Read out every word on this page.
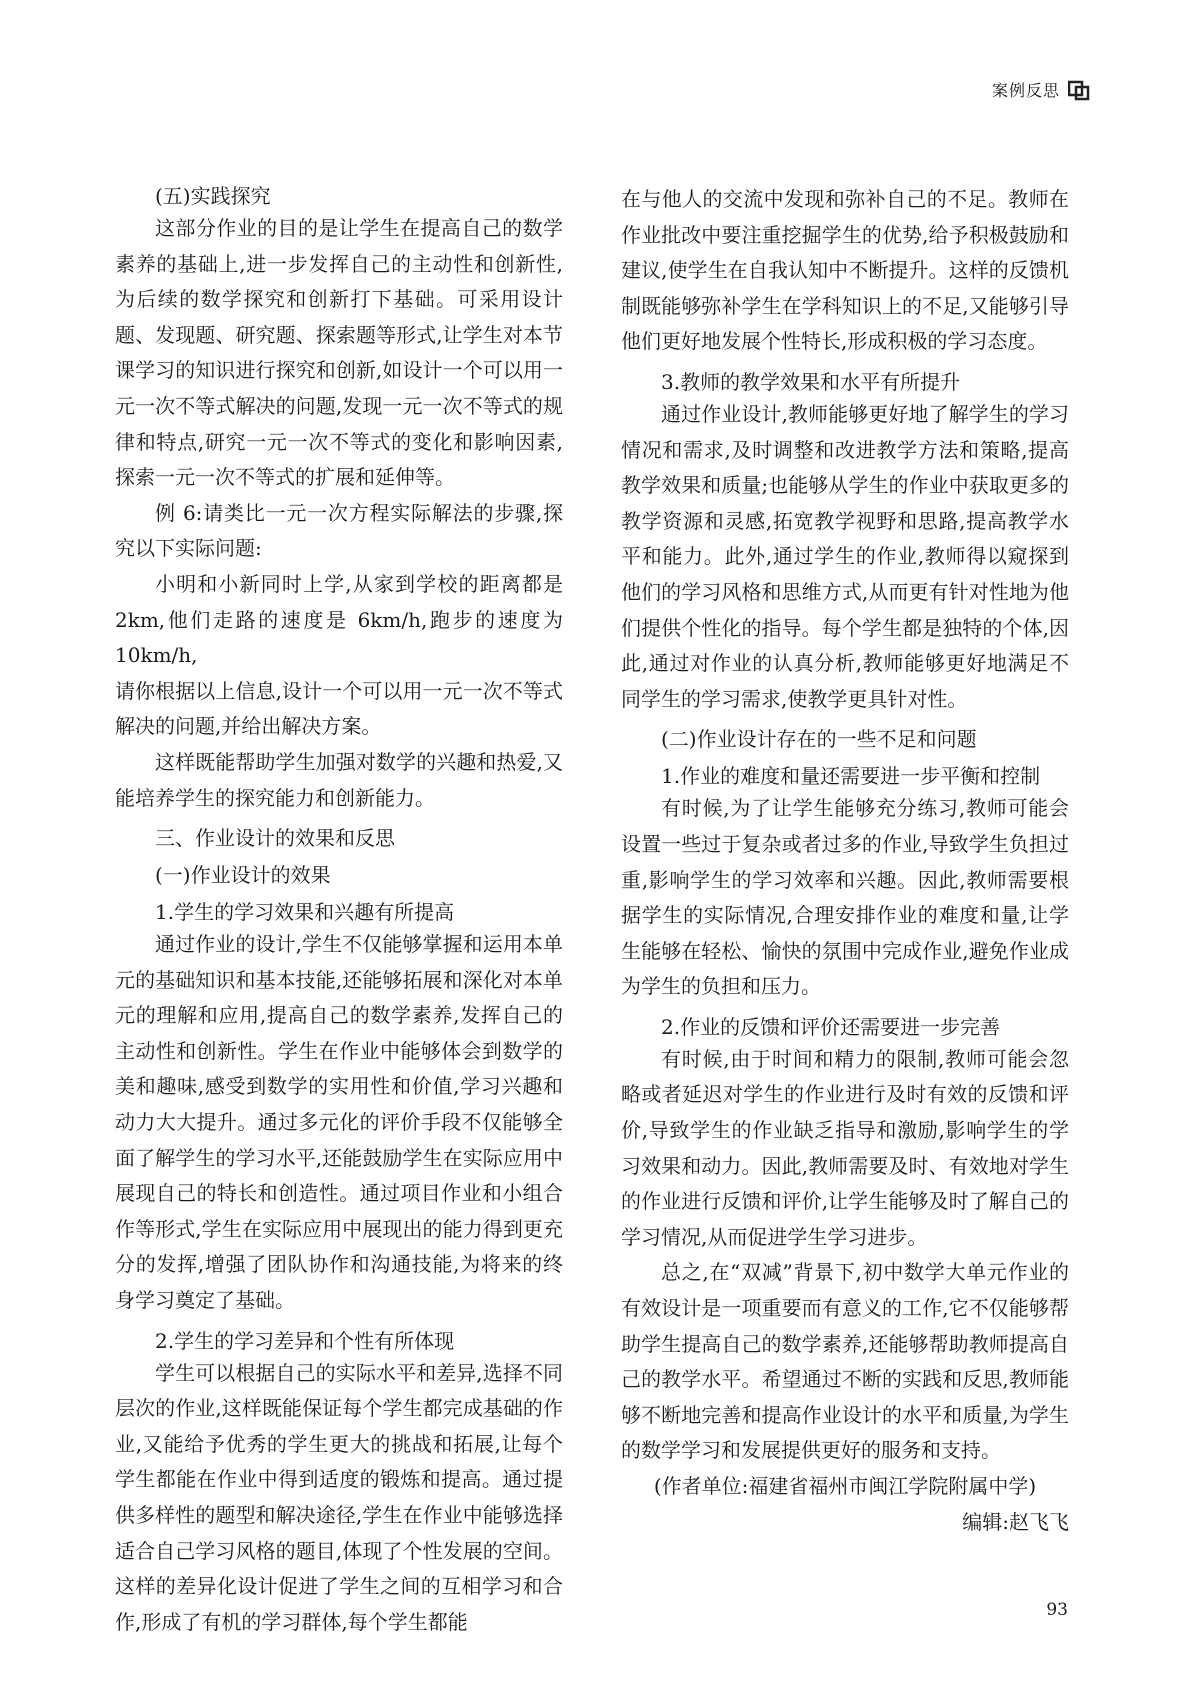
案例反思

(五)实践探究

这部分作业的目的是让学生在提高自己的数学素养的基础上,进一步发挥自己的主动性和创新性,为后续的数学探究和创新打下基础。可采用设计题、发现题、研究题、探索题等形式,让学生对本节课学习的知识进行探究和创新,如设计一个可以用一元一次不等式解决的问题,发现一元一次不等式的规律和特点,研究一元一次不等式的变化和影响因素,探索一元一次不等式的扩展和延伸等。

例 6:请类比一元一次方程实际解法的步骤,探究以下实际问题:

小明和小新同时上学,从家到学校的距离都是2km,他们走路的速度是 6km/h,跑步的速度为 10km/h,

请你根据以上信息,设计一个可以用一元一次不等式解决的问题,并给出解决方案。

这样既能帮助学生加强对数学的兴趣和热爱,又能培养学生的探究能力和创新能力。

三、作业设计的效果和反思

(一)作业设计的效果

1.学生的学习效果和兴趣有所提高

通过作业的设计,学生不仅能够掌握和运用本单元的基础知识和基本技能,还能够拓展和深化对本单元的理解和应用,提高自己的数学素养,发挥自己的主动性和创新性。学生在作业中能够体会到数学的美和趣味,感受到数学的实用性和价值,学习兴趣和动力大大提升。通过多元化的评价手段不仅能够全面了解学生的学习水平,还能鼓励学生在实际应用中展现自己的特长和创造性。通过项目作业和小组合作等形式,学生在实际应用中展现出的能力得到更充分的发挥,增强了团队协作和沟通技能,为将来的终身学习奠定了基础。

2.学生的学习差异和个性有所体现

学生可以根据自己的实际水平和差异,选择不同层次的作业,这样既能保证每个学生都完成基础的作业,又能给予优秀的学生更大的挑战和拓展,让每个学生都能在作业中得到适度的锻炼和提高。通过提供多样性的题型和解决途径,学生在作业中能够选择适合自己学习风格的题目,体现了个性发展的空间。这样的差异化设计促进了学生之间的互相学习和合作,形成了有机的学习群体,每个学生都能

在与他人的交流中发现和弥补自己的不足。教师在作业批改中要注重挖掘学生的优势,给予积极鼓励和建议,使学生在自我认知中不断提升。这样的反馈机制既能够弥补学生在学科知识上的不足,又能够引导他们更好地发展个性特长,形成积极的学习态度。

3.教师的教学效果和水平有所提升

通过作业设计,教师能够更好地了解学生的学习情况和需求,及时调整和改进教学方法和策略,提高教学效果和质量;也能够从学生的作业中获取更多的教学资源和灵感,拓宽教学视野和思路,提高教学水平和能力。此外,通过学生的作业,教师得以窥探到他们的学习风格和思维方式,从而更有针对性地为他们提供个性化的指导。每个学生都是独特的个体,因此,通过对作业的认真分析,教师能够更好地满足不同学生的学习需求,使教学更具针对性。

(二)作业设计存在的一些不足和问题

1.作业的难度和量还需要进一步平衡和控制

有时候,为了让学生能够充分练习,教师可能会设置一些过于复杂或者过多的作业,导致学生负担过重,影响学生的学习效率和兴趣。因此,教师需要根据学生的实际情况,合理安排作业的难度和量,让学生能够在轻松、愉快的氛围中完成作业,避免作业成为学生的负担和压力。

2.作业的反馈和评价还需要进一步完善

有时候,由于时间和精力的限制,教师可能会忽略或者延迟对学生的作业进行及时有效的反馈和评价,导致学生的作业缺乏指导和激励,影响学生的学习效果和动力。因此,教师需要及时、有效地对学生的作业进行反馈和评价,让学生能够及时了解自己的学习情况,从而促进学生学习进步。

总之,在“双减”背景下,初中数学大单元作业的有效设计是一项重要而有意义的工作,它不仅能够帮助学生提高自己的数学素养,还能够帮助教师提高自己的教学水平。希望通过不断的实践和反思,教师能够不断地完善和提高作业设计的水平和质量,为学生的数学学习和发展提供更好的服务和支持。

(作者单位:福建省福州市闽江学院附属中学)

编辑:赵飞飞

93
